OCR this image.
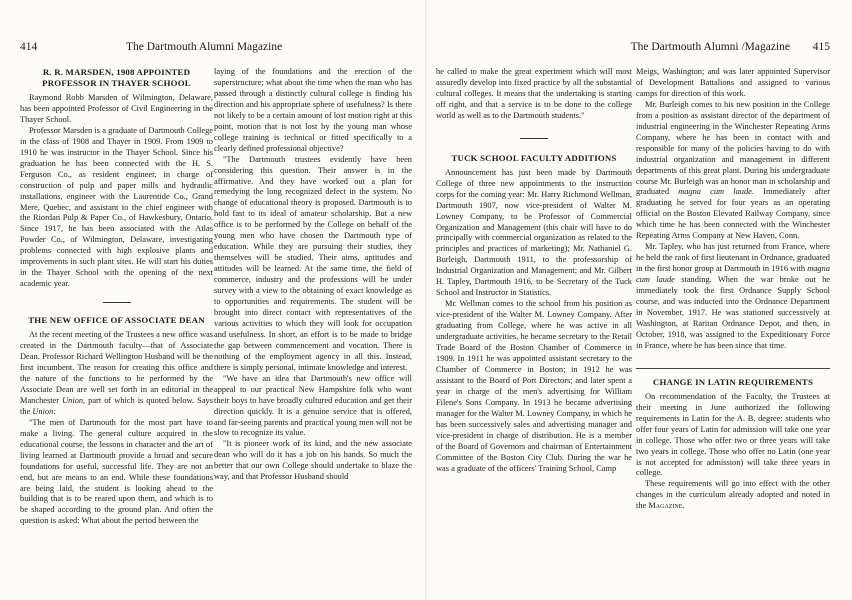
414	The Dartmouth Alumni Magazine
R. R. MARSDEN, 1908 APPOINTED PROFESSOR IN THAYER SCHOOL

Raymond Robb Marsden of Wilmington, Delaware, has been appointed Professor of Civil Engineering in the Thayer School.

Professor Marsden is a graduate of Dartmouth College in the class of 1908 and Thayer in 1909. From 1909 to 1910 he was instructor in the Thayer School. Since his graduation he has been connected with the H. S. Ferguson Co., as resident engineer, in charge of construction of pulp and paper mills and hydraulic installations, engineer with the Laurentide Co., Grand Mere, Quebec, and assistant to the chief engineer with the Riordan Pulp & Paper Co., of Hawkesbury, Ontario. Since 1917, he has been associated with the Atlas Powder Co., of Wilmington, Delaware, investigating problems connected with high explosive plants and improvements in such plant sites. He will start his duties in the Thayer School with the opening of the next academic year.

THE NEW OFFICE OF ASSOCIATE DEAN

At the recent meeting of the Trustees a new office was created in the Dartmouth faculty—that of Associate Dean. Professor Richard Wellington Husband will be the first incumbent. The reason for creating this office and the nature of the functions to be performed by the Associate Dean are well set forth in an editorial in the Manchester Union, part of which is quoted below. Says the Union:

"The men of Dartmouth for the most part have to make a living. The general culture acquired in the educational course, the lessons in character and the art of living learned at Dartmouth provide a broad and secure foundations for useful, successful life. They are not an end, but are means to an end. While these foundations are being laid, the student is looking ahead to the building that is to be reared upon them, and which is to be shaped according to the ground plan. And often the question is asked: What about the period between the

laying of the foundations and the erection of the superstructure; what about the time when the man who has passed through a distinctly cultural college is finding his direction and his appropriate sphere of usefulness? Is there not likely to be a certain amount of lost motion right at this point, motion that is not lost by the young man whose college training is technical or fitted specifically to a clearly defined professional objective?

"The Dartmouth trustees evidently have been considering this question. Their answer is in the affirmative. And they have worked out a plan for remedying the long recognized defect in the system. No change of educational theory is proposed. Dartmouth is to hold fast to its ideal of amateur scholarship. But a new office is to be performed by the College on behalf of the young men who have chosen the Dartmouth type of education. While they are pursuing their studies, they themselves will be studied. Their aims, aptitudes and attitudes will be learned. At the same time, the field of commerce, industry and the professions will be under survey with a view to the obtaining of exact knowledge as to opportunities and requirements. The student will be brought into direct contact with representatives of the various activities to which they will look for occupation and usefulness. In short, an effort is to be made to bridge the gap between commencement and vocation. There is nothing of the employment agency in all this. Instead, there is simply personal, intimate knowledge and interest.

"We have an idea that Dartmouth's new office will appeal to our practical New Hampshire folk who want their boys to have broadly cultured education and get their direction quickly. It is a genuine service that is offered, and far-seeing parents and practical young men will not be slow to recognize its value.

"It is pioneer work of its kind, and the new associate dean who will do it has a job on his hands. So much the better that our own College should undertake to blaze the way, and that Professor Husband should

The Dartmouth Alumni /Magazine 415

be called to make the great experiment which will most assuredly develop into fixed practice by all the substantial cultural colleges. It means that the undertaking is starting off right, and that a service is to be done to the college world as well as to the Dartmouth students."

TUCK SCHOOL FACULTY ADDITIONS

Announcement has just been made by Dartmouth College of three new appointments to the instruction corps for the coming year: Mr. Harry Richmond Wellman, Dartmouth 1907, now vice-president of Walter M. Lowney Company, to be Professor of Commercial Organization and Management (this chair will have to do principally with commercial organization as related to the principles and practices of marketing); Mr. Nathaniel G. Burleigh, Dartmouth 1911, to the professorship of Industrial Organization and Management; and Mr. Gilbert H. Tapley, Dartmouth 1916, to be Secretary of the Tuck School and Instructor in Statistics.

Mr. Wellman comes to the school from his position as vice-president of the Walter M. Lowney Company. After graduating from College, where he was active in all undergraduate activities, he became secretary to the Retail Trade Board of the Boston Chamber of Commerce in 1909. In 1911 he was appointed assistant secretary to the Chamber of Commerce in Boston; in 1912 he was assistant to the Board of Port Directors; and later spent a year in charge of the men's advertising for William Filene's Sons Company. In 1913 he became advertising manager for the Walter M. Lowney Company, in which he has been successively sales and advertising manager and vice-president in charge of distribution. He is a member of the Board of Governors and chairman of Entertainment Committee of the Boston City Club. During the war he was a graduate of the officers' Training School, Camp

Meigs, Washington; and was later appointed Supervisor of Development Battalions and assigned to various camps for direction of this work.

Mr. Burleigh comes to his new position in the College from a position as assistant director of the department of industrial engineering in the Winchester Repeating Arms Company, where he has been in contact with and responsible for many of the policies having to do with industrial organization and management in different departments of this great plant. During his undergraduate course Mr. Burleigh was an honor man in scholarship and graduated magna cum laude. Immediately after graduating he served for four years as an operating official on the Boston Elevated Railway Company, since which time he has been connected with the Winchester Repeating Arms Company at New Haven, Conn.

Mr. Tapley, who has just returned from France, where he held the rank of first lieutenant in Ordnance, graduated in the first honor group at Dartmouth in 1916 with magna cum laude standing. When the war broke out he immediately took the first Ordnance Supply School course, and was inducted into the Ordnance Department in November, 1917. He was stationed successively at Washington, at Raritan Ordnance Depot, and then, in October, 1918, was assigned to the Expeditionary Force in France, where he has been since that time.

CHANGE IN LATIN REQUIREMENTS

On recommendation of the Faculty, the Trustees at their meeting in June authorized the following requirements in Latin for the A. B. degree: students who offer four years of Latin for admission will take one year in college. Those who offer two or three years will take two years in college. Those who offer no Latin (one year is not accepted for admission) will take three years in college.

These requirements will go into effect with the other changes in the curriculum already adopted and noted in the Magazine.
